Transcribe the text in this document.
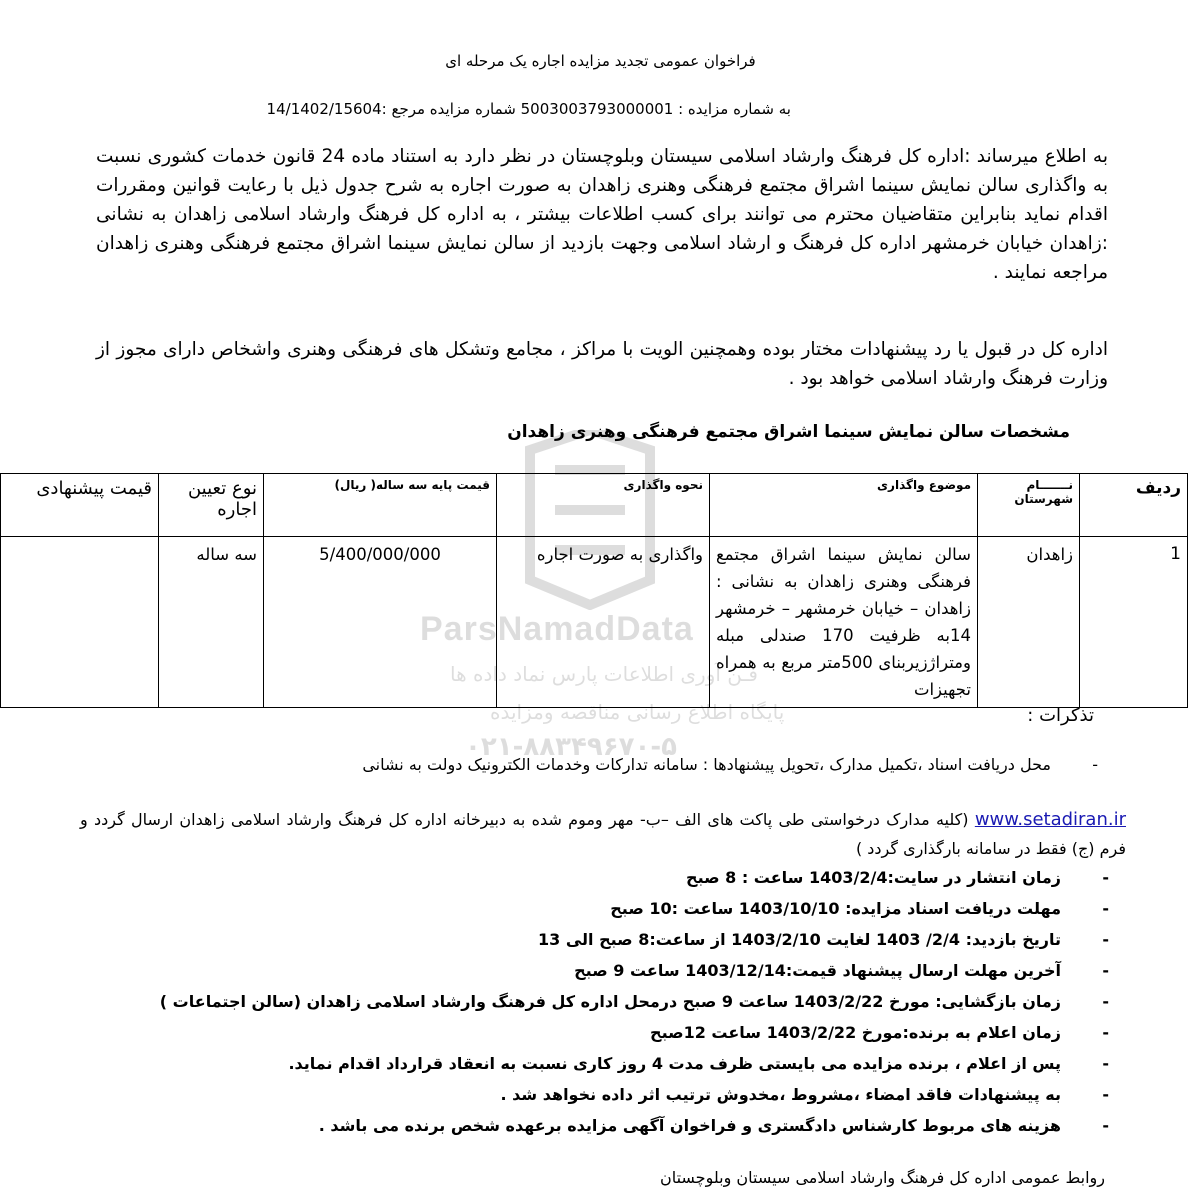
فراخوان عمومی تجدید مزایده اجاره یک مرحله ای
به شماره مزایده : 5003003793000001 شماره مزایده مرجع :14/1402/15604
به اطلاع میرساند :اداره کل فرهنگ وارشاد اسلامی سیستان وبلوچستان در نظر دارد به استناد ماده 24 قانون خدمات کشوری نسبت به واگذاری سالن نمایش سینما اشراق مجتمع فرهنگی وهنری زاهدان به صورت اجاره به شرح جدول ذیل با رعایت قوانین ومقررات اقدام نماید بنابراین متقاضیان محترم می توانند برای کسب اطلاعات بیشتر ، به اداره کل فرهنگ وارشاد اسلامی زاهدان به نشانی :زاهدان خیابان خرمشهر اداره کل فرهنگ و ارشاد اسلامی وجهت بازدید از سالن نمایش سینما اشراق مجتمع فرهنگی وهنری زاهدان مراجعه نمایند .
اداره کل در قبول یا رد پیشنهادات مختار بوده وهمچنین الویت با مراکز ، مجامع وتشکل های فرهنگی وهنری واشخاص دارای مجوز از وزارت فرهنگ وارشاد اسلامی خواهد بود .
مشخصات سالن نمایش سینما اشراق مجتمع فرهنگی وهنری زاهدان
ParsNamadData
فـن آوری اطلاعات پارس نماد داده ها
پایگاه اطلاع رسانی مناقصه ومزایده
۰۲۱-۸۸۳۴۹۶۷۰-۵
ردیف	نـــــــام شهرستان	موضوع واگذاری	نحوه واگذاری	قیمت پایه سه ساله( ریال)	نوع تعیین اجاره	قیمت پیشنهادی
1	زاهدان	سالن نمایش سینما اشراق مجتمع فرهنگی وهنری زاهدان به نشانی : زاهدان – خیابان خرمشهر – خرمشهر 14به ظرفیت 170 صندلی مبله ومتراژزیربنای 500متر مربع به همراه تجهیزات	واگذاری به صورت اجاره	5/400/000/000	سه ساله	
تذکرات :
-
محل دریافت اسناد ،تکمیل مدارک ،تحویل پیشنهادها : سامانه تدارکات وخدمات الکترونیک دولت به نشانی
www.setadiran.ir (کلیه مدارک درخواستی طی پاکت های الف –ب- مهر وموم شده به دبیرخانه اداره کل فرهنگ وارشاد اسلامی زاهدان ارسال گردد و فرم (ج) فقط در سامانه بارگذاری گردد )
-
زمان انتشار در سایت:1403/2/4 ساعت : 8 صبح
-
مهلت دریافت اسناد مزایده: 1403/10/10 ساعت :10 صبح
-
تاریخ بازدید: 2/4/ 1403 لغایت 1403/2/10 از ساعت:8 صبح الی 13
-
آخرین مهلت ارسال پیشنهاد قیمت:1403/12/14 ساعت 9 صبح
-
زمان بازگشایی: مورخ 1403/2/22 ساعت 9 صبح درمحل اداره کل فرهنگ وارشاد اسلامی زاهدان (سالن اجتماعات )
-
زمان اعلام به برنده:مورخ 1403/2/22 ساعت 12صبح
-
پس از اعلام ، برنده مزایده می بایستی ظرف مدت 4 روز کاری نسبت به انعقاد قرارداد اقدام نماید.
-
به پیشنهادات فاقد امضاء ،مشروط ،مخدوش ترتیب اثر داده نخواهد شد .
-
هزینه های مربوط کارشناس دادگستری و فراخوان آگهی مزایده برعهده شخص برنده می باشد .
روابط عمومی اداره کل فرهنگ وارشاد اسلامی سیستان وبلوچستان
